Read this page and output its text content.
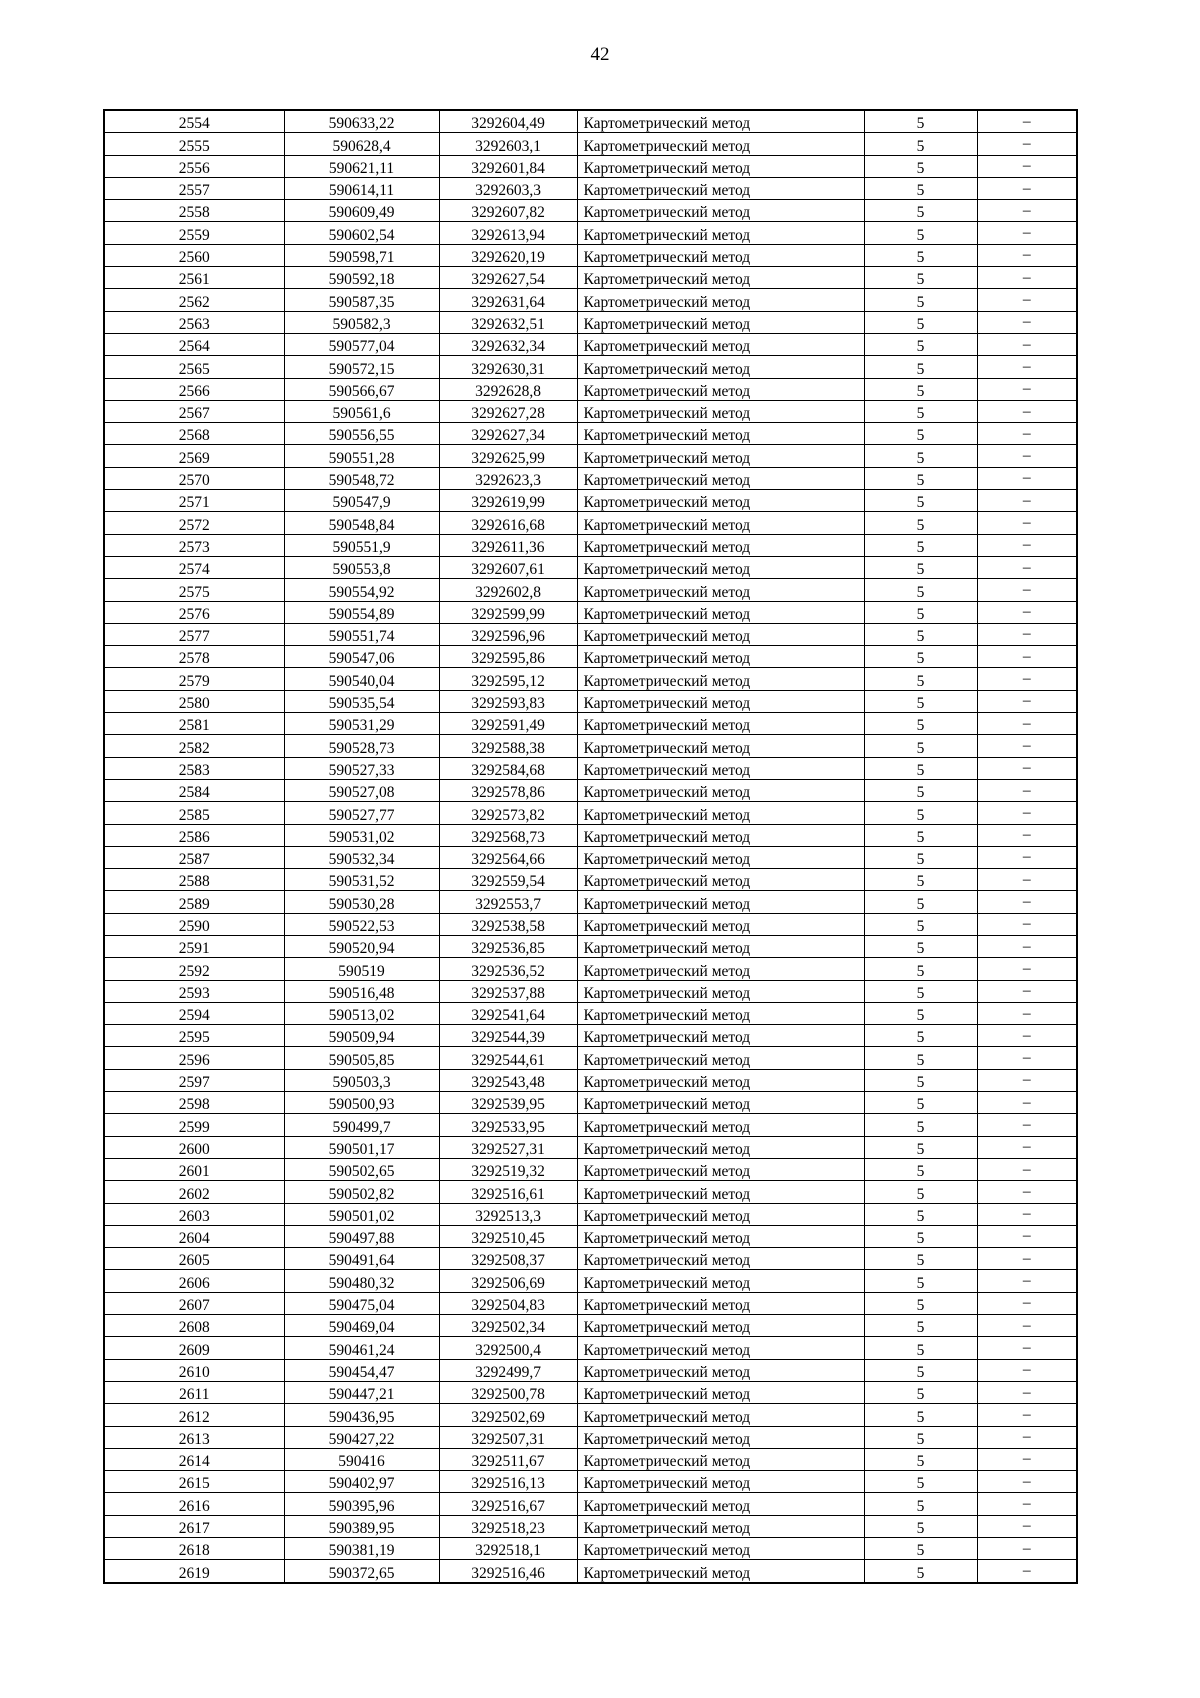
42
2554	590633,22	3292604,49	Картометрический метод	5	–
2555	590628,4	3292603,1	Картометрический метод	5	–
2556	590621,11	3292601,84	Картометрический метод	5	–
2557	590614,11	3292603,3	Картометрический метод	5	–
2558	590609,49	3292607,82	Картометрический метод	5	–
2559	590602,54	3292613,94	Картометрический метод	5	–
2560	590598,71	3292620,19	Картометрический метод	5	–
2561	590592,18	3292627,54	Картометрический метод	5	–
2562	590587,35	3292631,64	Картометрический метод	5	–
2563	590582,3	3292632,51	Картометрический метод	5	–
2564	590577,04	3292632,34	Картометрический метод	5	–
2565	590572,15	3292630,31	Картометрический метод	5	–
2566	590566,67	3292628,8	Картометрический метод	5	–
2567	590561,6	3292627,28	Картометрический метод	5	–
2568	590556,55	3292627,34	Картометрический метод	5	–
2569	590551,28	3292625,99	Картометрический метод	5	–
2570	590548,72	3292623,3	Картометрический метод	5	–
2571	590547,9	3292619,99	Картометрический метод	5	–
2572	590548,84	3292616,68	Картометрический метод	5	–
2573	590551,9	3292611,36	Картометрический метод	5	–
2574	590553,8	3292607,61	Картометрический метод	5	–
2575	590554,92	3292602,8	Картометрический метод	5	–
2576	590554,89	3292599,99	Картометрический метод	5	–
2577	590551,74	3292596,96	Картометрический метод	5	–
2578	590547,06	3292595,86	Картометрический метод	5	–
2579	590540,04	3292595,12	Картометрический метод	5	–
2580	590535,54	3292593,83	Картометрический метод	5	–
2581	590531,29	3292591,49	Картометрический метод	5	–
2582	590528,73	3292588,38	Картометрический метод	5	–
2583	590527,33	3292584,68	Картометрический метод	5	–
2584	590527,08	3292578,86	Картометрический метод	5	–
2585	590527,77	3292573,82	Картометрический метод	5	–
2586	590531,02	3292568,73	Картометрический метод	5	–
2587	590532,34	3292564,66	Картометрический метод	5	–
2588	590531,52	3292559,54	Картометрический метод	5	–
2589	590530,28	3292553,7	Картометрический метод	5	–
2590	590522,53	3292538,58	Картометрический метод	5	–
2591	590520,94	3292536,85	Картометрический метод	5	–
2592	590519	3292536,52	Картометрический метод	5	–
2593	590516,48	3292537,88	Картометрический метод	5	–
2594	590513,02	3292541,64	Картометрический метод	5	–
2595	590509,94	3292544,39	Картометрический метод	5	–
2596	590505,85	3292544,61	Картометрический метод	5	–
2597	590503,3	3292543,48	Картометрический метод	5	–
2598	590500,93	3292539,95	Картометрический метод	5	–
2599	590499,7	3292533,95	Картометрический метод	5	–
2600	590501,17	3292527,31	Картометрический метод	5	–
2601	590502,65	3292519,32	Картометрический метод	5	–
2602	590502,82	3292516,61	Картометрический метод	5	–
2603	590501,02	3292513,3	Картометрический метод	5	–
2604	590497,88	3292510,45	Картометрический метод	5	–
2605	590491,64	3292508,37	Картометрический метод	5	–
2606	590480,32	3292506,69	Картометрический метод	5	–
2607	590475,04	3292504,83	Картометрический метод	5	–
2608	590469,04	3292502,34	Картометрический метод	5	–
2609	590461,24	3292500,4	Картометрический метод	5	–
2610	590454,47	3292499,7	Картометрический метод	5	–
2611	590447,21	3292500,78	Картометрический метод	5	–
2612	590436,95	3292502,69	Картометрический метод	5	–
2613	590427,22	3292507,31	Картометрический метод	5	–
2614	590416	3292511,67	Картометрический метод	5	–
2615	590402,97	3292516,13	Картометрический метод	5	–
2616	590395,96	3292516,67	Картометрический метод	5	–
2617	590389,95	3292518,23	Картометрический метод	5	–
2618	590381,19	3292518,1	Картометрический метод	5	–
2619	590372,65	3292516,46	Картометрический метод	5	–
